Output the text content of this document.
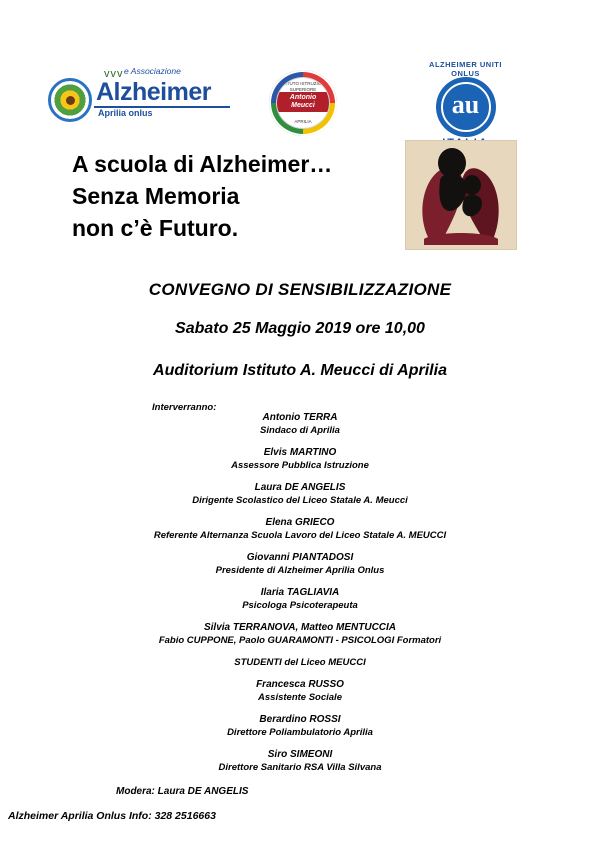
vvv e Associazione
Alzheimer
Aprilia onlus
ISTITUTO ISTRUZIONE SUPERIORE
Antonio Meucci
APRILIA
ALZHEIMER UNITI ONLUS
au
A scuola di Alzheimer…
Senza Memoria
non c’è Futuro.
CONVEGNO DI SENSIBILIZZAZIONE
Sabato 25 Maggio 2019 ore 10,00
Auditorium Istituto A. Meucci di Aprilia
Interverranno:
Antonio TERRA
Sindaco di Aprilia
Elvis MARTINO
Assessore Pubblica Istruzione
Laura DE ANGELIS
Dirigente Scolastico del Liceo Statale A. Meucci
Elena GRIECO
Referente Alternanza Scuola Lavoro del Liceo Statale A. MEUCCI
Giovanni PIANTADOSI
Presidente di Alzheimer Aprilia Onlus
Ilaria TAGLIAVIA
Psicologa Psicoterapeuta
Silvia TERRANOVA, Matteo MENTUCCIA
Fabio CUPPONE, Paolo GUARAMONTI - PSICOLOGI Formatori
STUDENTI del Liceo MEUCCI
Francesca RUSSO
Assistente Sociale
Berardino ROSSI
Direttore Poliambulatorio Aprilia
Siro SIMEONI
Direttore Sanitario RSA Villa Silvana
Modera: Laura DE ANGELIS
Alzheimer Aprilia Onlus Info: 328 2516663
